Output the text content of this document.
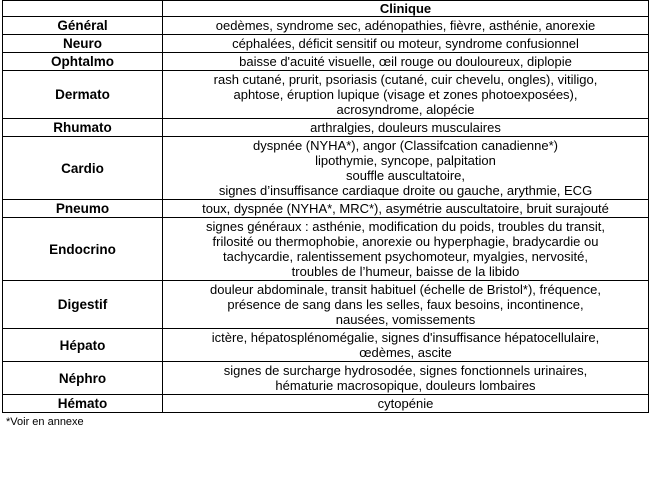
	Clinique
Général	oedèmes, syndrome sec, adénopathies, fièvre, asthénie, anorexie
Neuro	céphalées, déficit sensitif ou moteur, syndrome confusionnel
Ophtalmo	baisse d'acuité visuelle, œil rouge ou douloureux, diplopie
Dermato	rash cutané, prurit, psoriasis (cutané, cuir chevelu, ongles), vitiligo,
aphtose, éruption lupique (visage et zones photoexposées),
acrosyndrome, alopécie
Rhumato	arthralgies, douleurs musculaires
Cardio	dyspnée (NYHA*), angor (Classifcation canadienne*)
lipothymie, syncope, palpitation
souffle auscultatoire,
signes d’insuffisance cardiaque droite ou gauche, arythmie, ECG
Pneumo	toux, dyspnée (NYHA*, MRC*), asymétrie auscultatoire, bruit surajouté
Endocrino	signes généraux : asthénie, modification du poids, troubles du transit,
frilosité ou thermophobie, anorexie ou hyperphagie, bradycardie ou
tachycardie, ralentissement psychomoteur, myalgies, nervosité,
troubles de l’humeur, baisse de la libido
Digestif	douleur abdominale, transit habituel (échelle de Bristol*), fréquence,
présence de sang dans les selles, faux besoins, incontinence,
nausées, vomissements
Hépato	ictère, hépatosplénomégalie, signes d'insuffisance hépatocellulaire,
œdèmes, ascite
Néphro	signes de surcharge hydrosodée, signes fonctionnels urinaires,
hématurie macrosopique, douleurs lombaires
Hémato	cytopénie
*Voir en annexe
